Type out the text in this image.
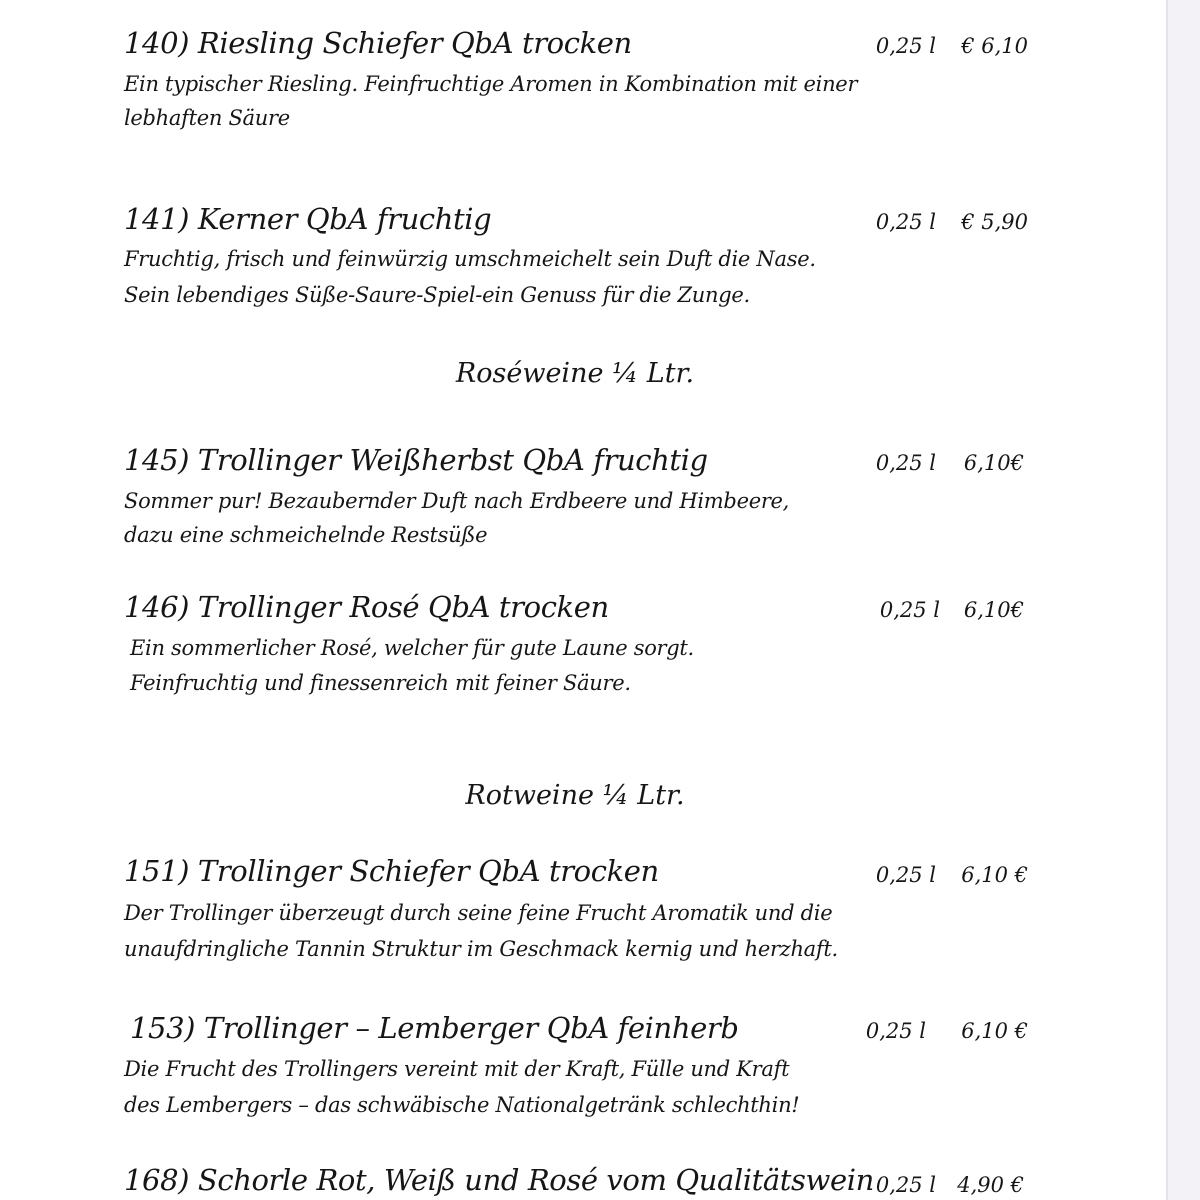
140) Riesling Schiefer QbA trocken	0,25 l	€ 6,10
Ein typischer Riesling. Feinfruchtige Aromen in Kombination mit einer
lebhaften Säure
141) Kerner QbA fruchtig	0,25 l	€ 5,90
Fruchtig, frisch und feinwürzig umschmeichelt sein Duft die Nase.
Sein lebendiges Süße-Saure-Spiel-ein Genuss für die Zunge.
Roséweine ¼ Ltr.
145) Trollinger Weißherbst QbA fruchtig	0,25 l	6,10€
Sommer pur! Bezaubernder Duft nach Erdbeere und Himbeere,
dazu eine schmeichelnde Restsüße
146) Trollinger Rosé QbA trocken	0,25 l	6,10€
Ein sommerlicher Rosé, welcher für gute Laune sorgt.
Feinfruchtig und finessenreich mit feiner Säure.
Rotweine ¼ Ltr.
151) Trollinger Schiefer QbA trocken	0,25 l	6,10 €
Der Trollinger überzeugt durch seine feine Frucht Aromatik und die
unaufdringliche Tannin Struktur im Geschmack kernig und herzhaft.
153) Trollinger – Lemberger QbA feinherb	0,25 l	6,10 €
Die Frucht des Trollingers vereint mit der Kraft, Fülle und Kraft
des Lembergers – das schwäbische Nationalgetränk schlechthin!
168) Schorle Rot, Weiß und Rosé vom Qualitätswein 0,25 l	4,90 €
